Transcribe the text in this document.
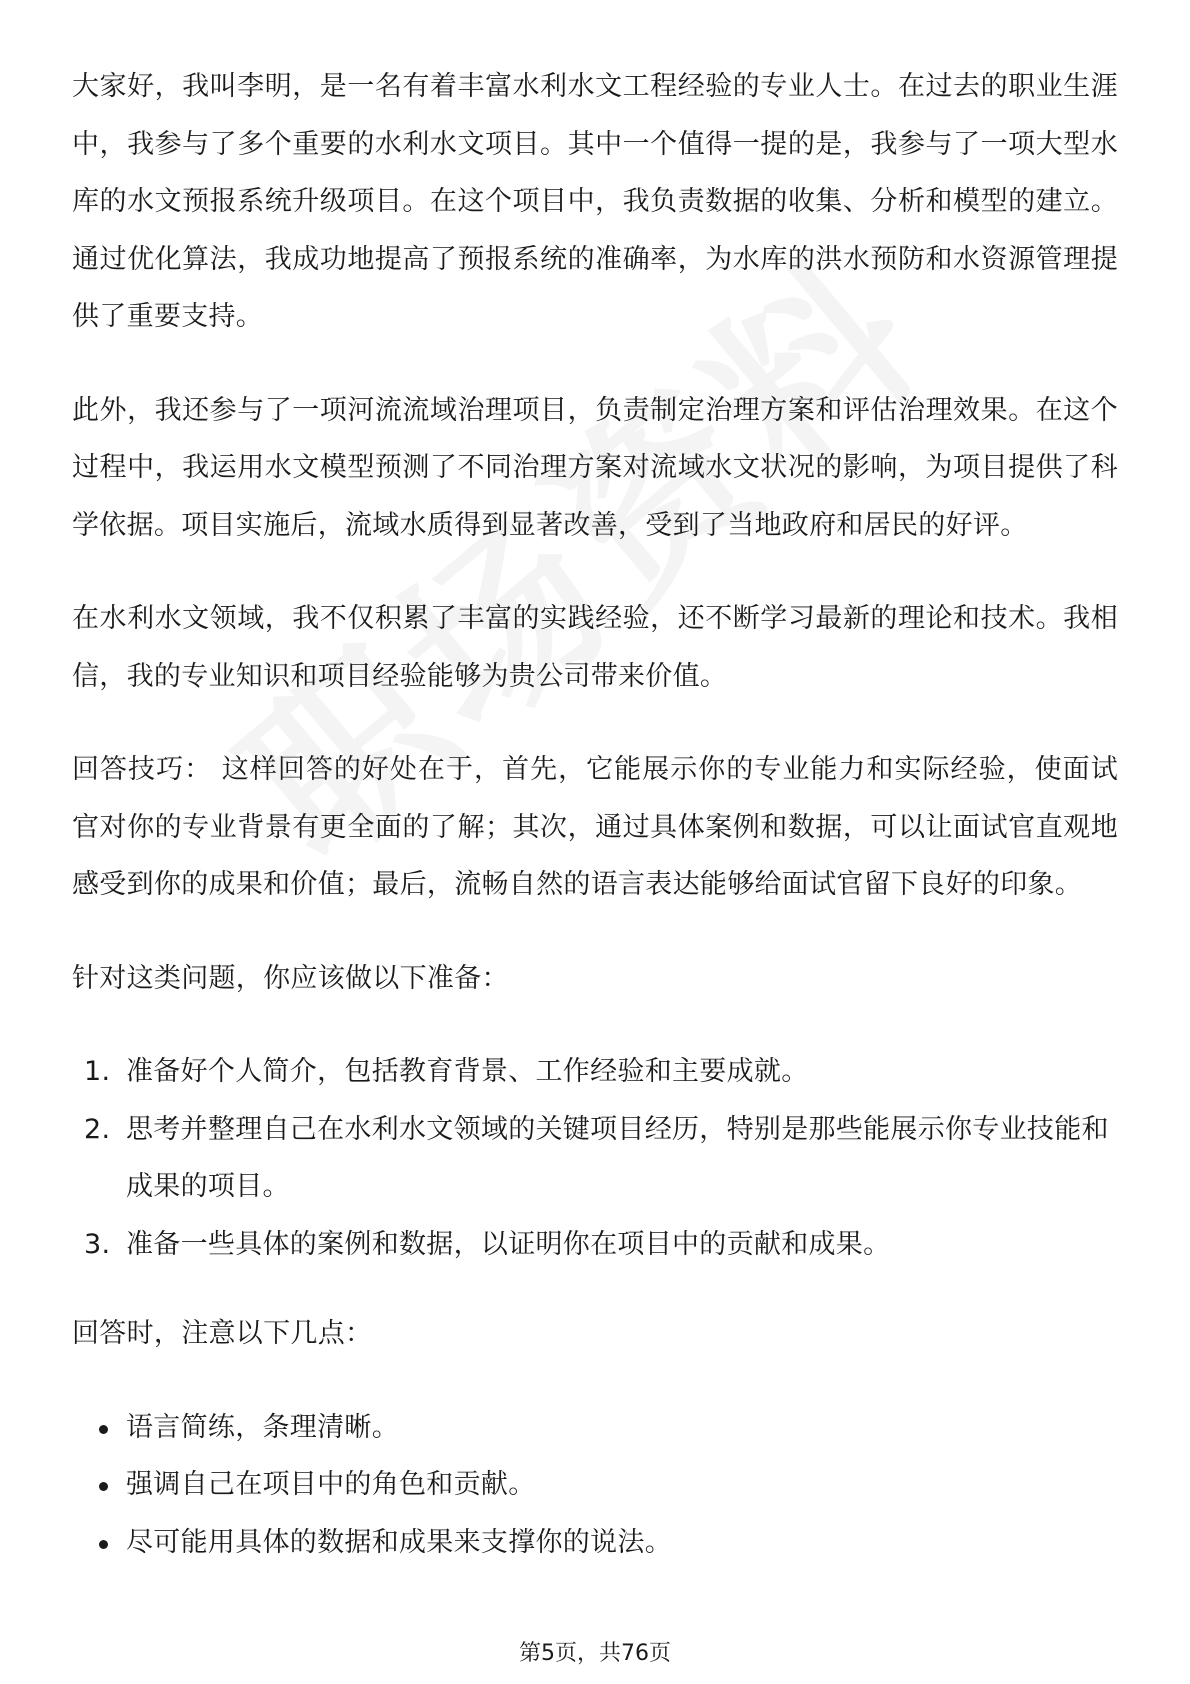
大家好，我叫李明，是一名有着丰富水利水文工程经验的专业人士。在过去的职业生涯中，我参与了多个重要的水利水文项目。其中一个值得一提的是，我参与了一项大型水库的水文预报系统升级项目。在这个项目中，我负责数据的收集、分析和模型的建立。通过优化算法，我成功地提高了预报系统的准确率，为水库的洪水预防和水资源管理提供了重要支持。

此外，我还参与了一项河流流域治理项目，负责制定治理方案和评估治理效果。在这个过程中，我运用水文模型预测了不同治理方案对流域水文状况的影响，为项目提供了科学依据。项目实施后，流域水质得到显著改善，受到了当地政府和居民的好评。

在水利水文领域，我不仅积累了丰富的实践经验，还不断学习最新的理论和技术。我相信，我的专业知识和项目经验能够为贵公司带来价值。

回答技巧： 这样回答的好处在于，首先，它能展示你的专业能力和实际经验，使面试官对你的专业背景有更全面的了解；其次，通过具体案例和数据，可以让面试官直观地感受到你的成果和价值；最后，流畅自然的语言表达能够给面试官留下良好的印象。

针对这类问题，你应该做以下准备：

1. 准备好个人简介，包括教育背景、工作经验和主要成就。
2. 思考并整理自己在水利水文领域的关键项目经历，特别是那些能展示你专业技能和成果的项目。
3. 准备一些具体的案例和数据，以证明你在项目中的贡献和成果。

回答时，注意以下几点：

语言简练，条理清晰。
强调自己在项目中的角色和贡献。
尽可能用具体的数据和成果来支撑你的说法。
第5页，共76页
